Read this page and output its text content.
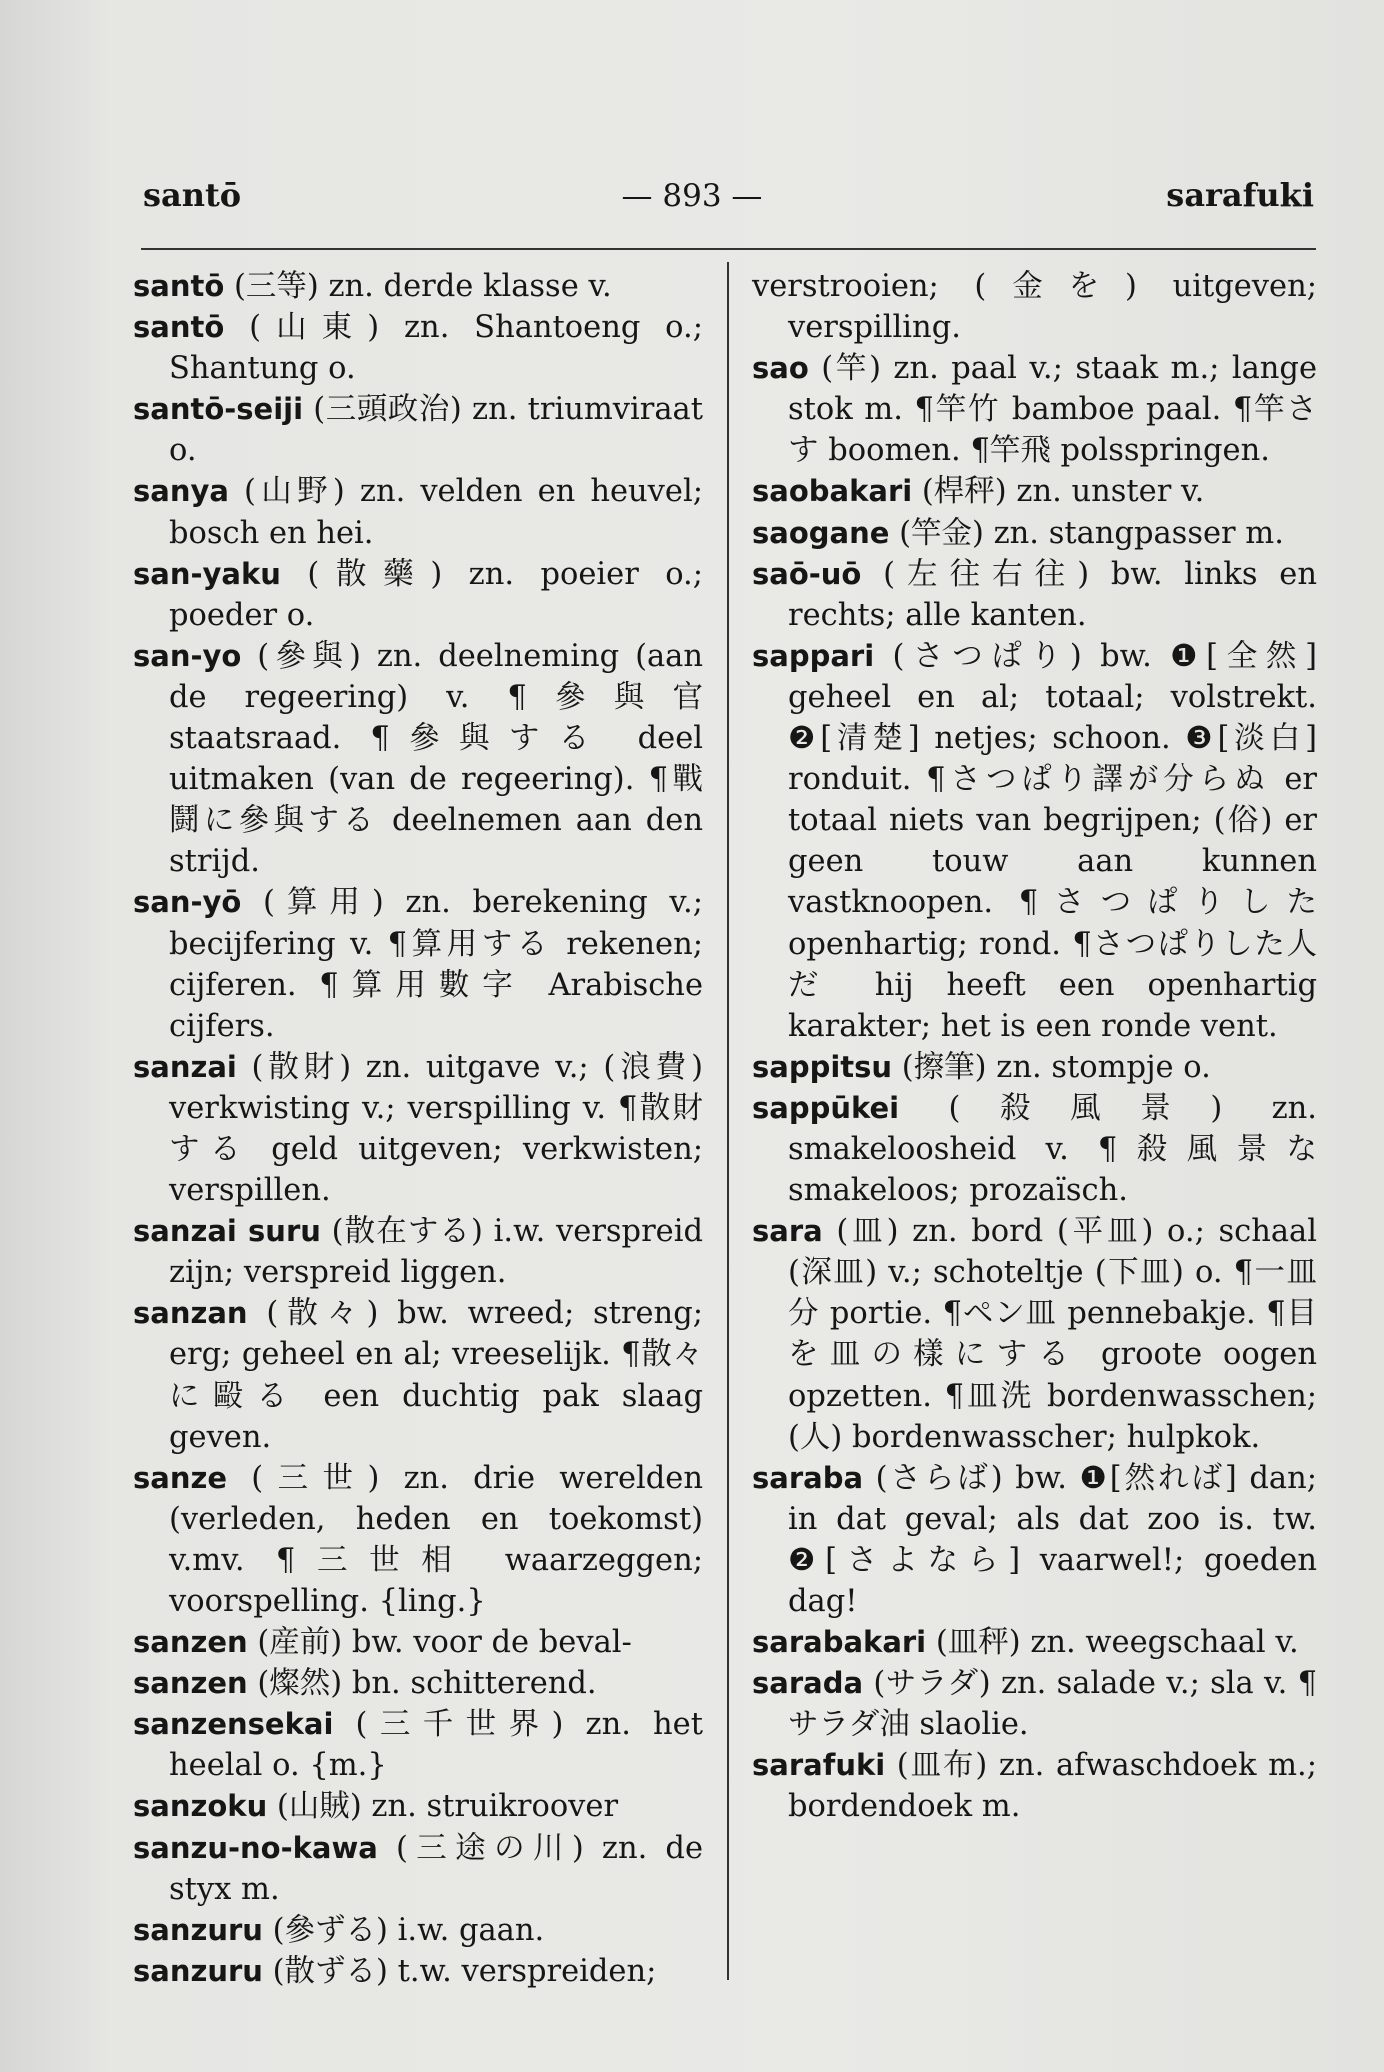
santō	— 893 —	sarafuki

santō (三等) zn. derde klasse v.

santō (山東) zn. Shantoeng o.; Shantung o.

santō-seiji (三頭政治) zn. triumviraat o.

sanya (山野) zn. velden en heuvel; bosch en hei.

san-yaku (散藥) zn. poeier o.; poeder o.

san-yo (參與) zn. deelneming (aan de regeering) v. ¶參與官 staatsraad. ¶參與する deel uitmaken (van de regeering). ¶戰鬪に參與する deelnemen aan den strijd.

san-yō (算用) zn. berekening v.; becijfering v. ¶算用する rekenen; cijferen. ¶算用數字 Arabische cijfers.

sanzai (散財) zn. uitgave v.; (浪費) verkwisting v.; verspilling v. ¶散財する geld uitgeven; verkwisten; verspillen.

sanzai suru (散在する) i.w. verspreid zijn; verspreid liggen.

sanzan (散々) bw. wreed; streng; erg; geheel en al; vreeselijk. ¶散々に毆る een duchtig pak slaag geven.

sanze (三世) zn. drie werelden (verleden, heden en toekomst) v.mv. ¶三世相 waarzeggen; voorspelling. {ling.}

sanzen (産前) bw. voor de beval-

sanzen (燦然) bn. schitterend.

sanzensekai (三千世界) zn. het heelal o. {m.}

sanzoku (山賊) zn. struikroover

sanzu-no-kawa (三途の川) zn. de styx m.

sanzuru (參ずる) i.w. gaan.

sanzuru (散ずる) t.w. verspreiden;

verstrooien; (金を) uitgeven; verspilling.

sao (竿) zn. paal v.; staak m.; lange stok m. ¶竿竹 bamboe paal. ¶竿さす boomen. ¶竿飛 polsspringen.

saobakari (桿秤) zn. unster v.

saogane (竿金) zn. stangpasser m.

saō-uō (左往右往) bw. links en rechts; alle kanten.

sappari (さつぱり) bw. ❶[全然] geheel en al; totaal; volstrekt. ❷[清楚] netjes; schoon. ❸[淡白] ronduit. ¶さつぱり譯が分らぬ er totaal niets van begrijpen; (俗) er geen touw aan kunnen vastknoopen. ¶さつぱりした openhartig; rond. ¶さつぱりした人だ hij heeft een openhartig karakter; het is een ronde vent.

sappitsu (擦筆) zn. stompje o.

sappūkei (殺風景) zn. smakeloosheid v. ¶殺風景な smakeloos; prozaïsch.

sara (皿) zn. bord (平皿) o.; schaal (深皿) v.; schoteltje (下皿) o. ¶一皿分 portie. ¶ペン皿 pennebakje. ¶目を皿の樣にする groote oogen opzetten. ¶皿洗 bordenwasschen; (人) bordenwasscher; hulpkok.

saraba (さらば) bw. ❶[然れば] dan; in dat geval; als dat zoo is. tw. ❷[さよなら] vaarwel!; goeden dag!

sarabakari (皿秤) zn. weegschaal v.

sarada (サラダ) zn. salade v.; sla v. ¶サラダ油 slaolie.

sarafuki (皿布) zn. afwaschdoek m.; bordendoek m.
